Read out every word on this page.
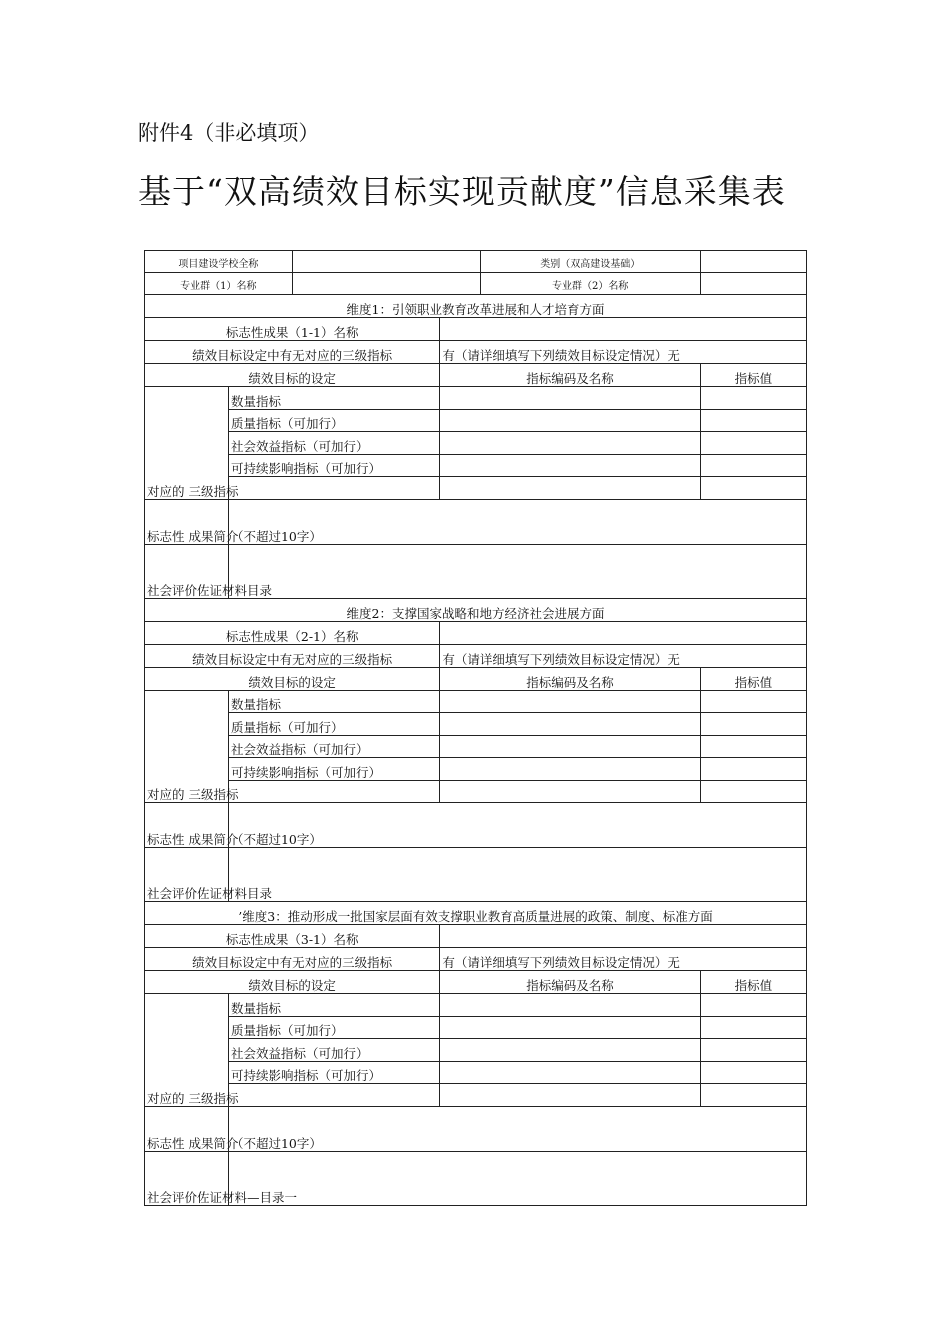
附件4（非必填项）
基于“双高绩效目标实现贡献度”信息采集表
项目建设学校全称				类别（双高建设基础）	
专业群（1）名称				专业群（2）名称	
维度1：引领职业教育改革进展和人才培育方面					
标志性成果（1-1）名称					
绩效目标设定中有无对应的三级指标			有（请详细填写下列绩效目标设定情况）无		
绩效目标的设定			指标编码及名称		指标值
对应的 三级指标	数量指标				
	质量指标（可加行）				
	社会效益指标（可加行）				
	可持续影响指标（可加行）				

标志性 成果简介	（不超过10字）				
社会评价佐证材料目录					
维度2：支撑国家战略和地方经济社会进展方面					
标志性成果（2-1）名称					
绩效目标设定中有无对应的三级指标			有（请详细填写下列绩效目标设定情况）无		
绩效目标的设定			指标编码及名称		指标值
对应的 三级指标	数量指标				
	质量指标（可加行）				
	社会效益指标（可加行）				
	可持续影响指标（可加行）				

标志性 成果简介	（不超过10字）				
社会评价佐证材料目录					
’维度3：推动形成一批国家层面有效支撑职业教育高质量进展的政策、制度、标准方面					
标志性成果（3-1）名称					
绩效目标设定中有无对应的三级指标			有（请详细填写下列绩效目标设定情况）无		
绩效目标的设定			指标编码及名称		指标值
对应的 三级指标	数量指标				
	质量指标（可加行）				
	社会效益指标（可加行）				
	可持续影响指标（可加行）				

标志性 成果简介	（不超过10字）				
社会评价佐证材料—目录一					
